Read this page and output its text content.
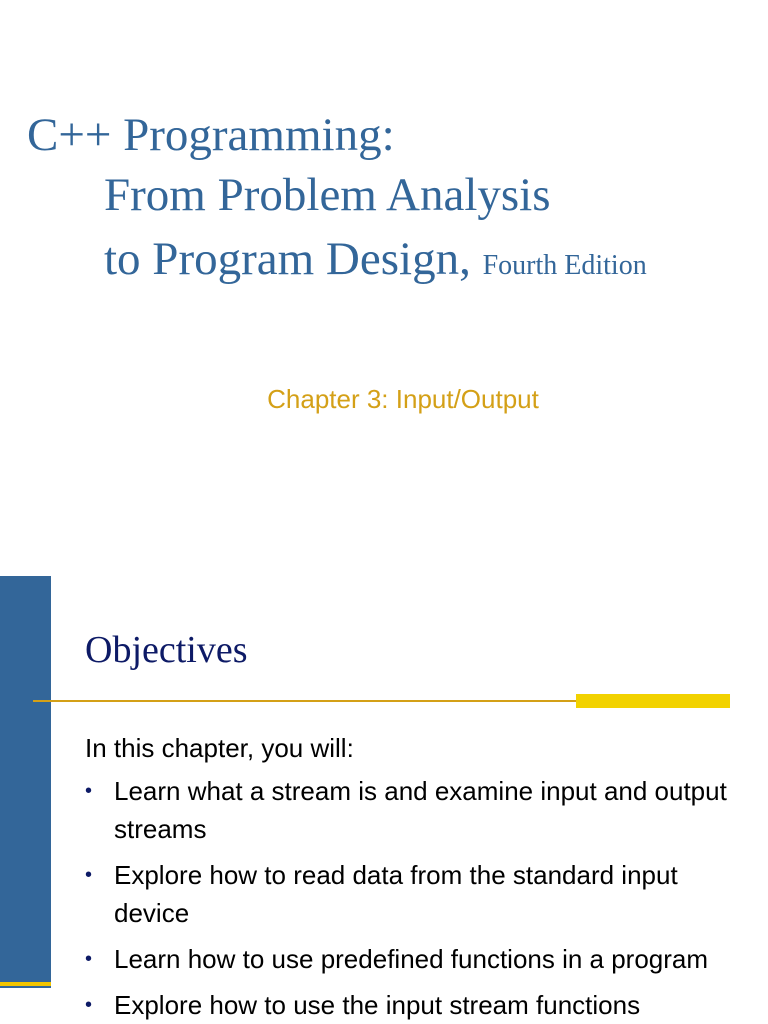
C++ Programming:
From Problem Analysis
to Program Design, Fourth Edition

Chapter 3: Input/Output

Objectives

In this chapter, you will:

• Learn what a stream is and examine input and output streams
• Explore how to read data from the standard input device
• Learn how to use predefined functions in a program
• Explore how to use the input stream functions
